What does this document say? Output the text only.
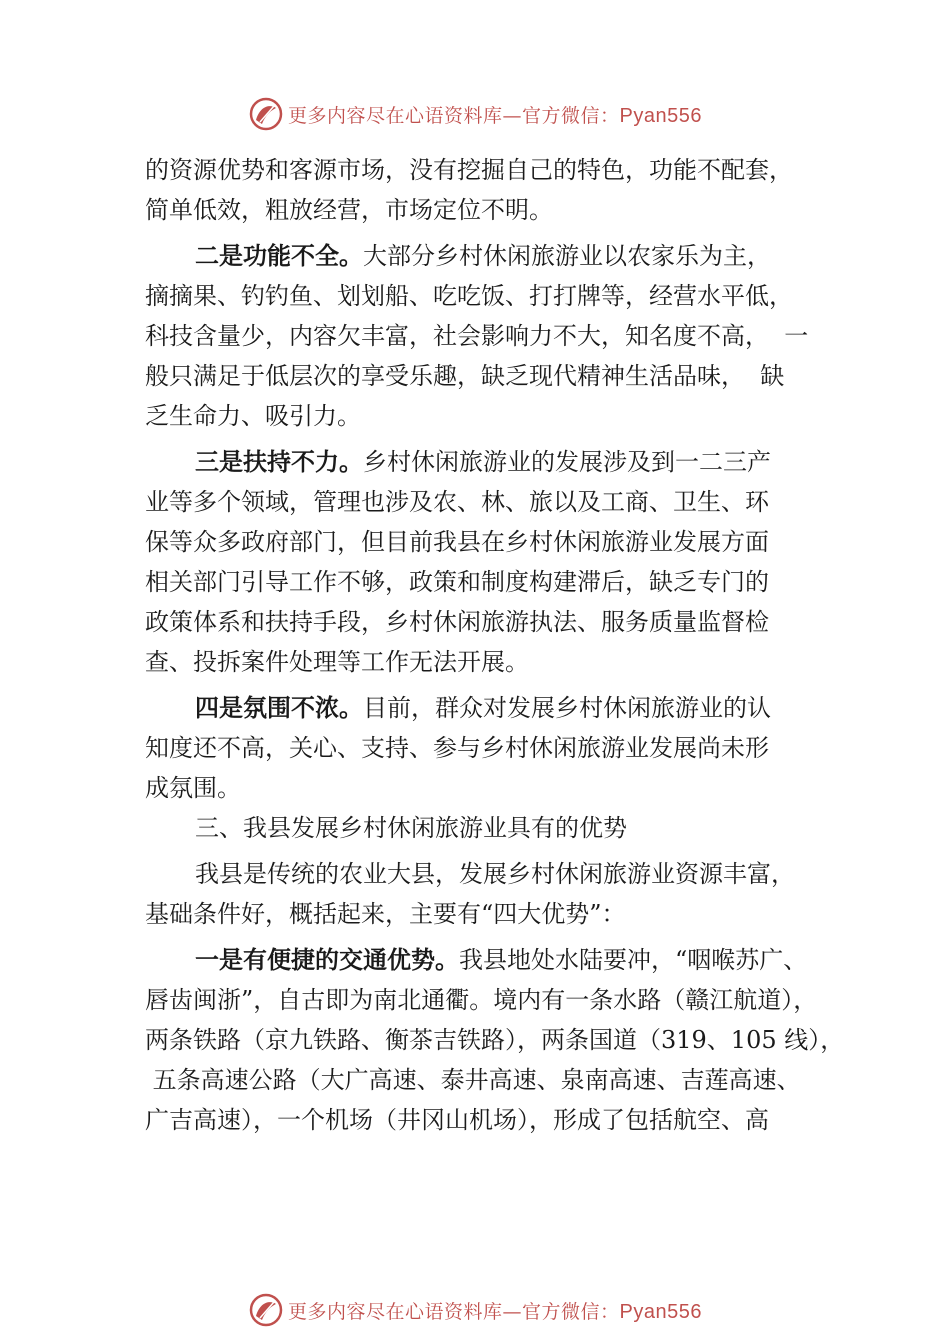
更多内容尽在心语资料库—官方微信：Pyan556
的资源优势和客源市场，没有挖掘自己的特色，功能不配套，
简单低效，粗放经营，市场定位不明。
二是功能不全。大部分乡村休闲旅游业以农家乐为主，
摘摘果、钓钓鱼、划划船、吃吃饭、打打牌等，经营水平低，
科技含量少，内容欠丰富，社会影响力不大，知名度不高，  一
般只满足于低层次的享受乐趣，缺乏现代精神生活品味，  缺
乏生命力、吸引力。
三是扶持不力。乡村休闲旅游业的发展涉及到一二三产
业等多个领域，管理也涉及农、林、旅以及工商、卫生、环
保等众多政府部门，但目前我县在乡村休闲旅游业发展方面
相关部门引导工作不够，政策和制度构建滞后，缺乏专门的
政策体系和扶持手段，乡村休闲旅游执法、服务质量监督检
查、投拆案件处理等工作无法开展。
四是氛围不浓。目前，群众对发展乡村休闲旅游业的认
知度还不高，关心、支持、参与乡村休闲旅游业发展尚未形
成氛围。
三、我县发展乡村休闲旅游业具有的优势
我县是传统的农业大县，发展乡村休闲旅游业资源丰富，
基础条件好，概括起来，主要有“四大优势”：
一是有便捷的交通优势。我县地处水陆要冲，“咽喉苏广、
唇齿闽浙”，自古即为南北通衢。境内有一条水路（赣江航道），
两条铁路（京九铁路、衡茶吉铁路），两条国道（319、105 线），
五条高速公路（大广高速、泰井高速、泉南高速、吉莲高速、
广吉高速），一个机场（井冈山机场），形成了包括航空、高
更多内容尽在心语资料库—官方微信：Pyan556
